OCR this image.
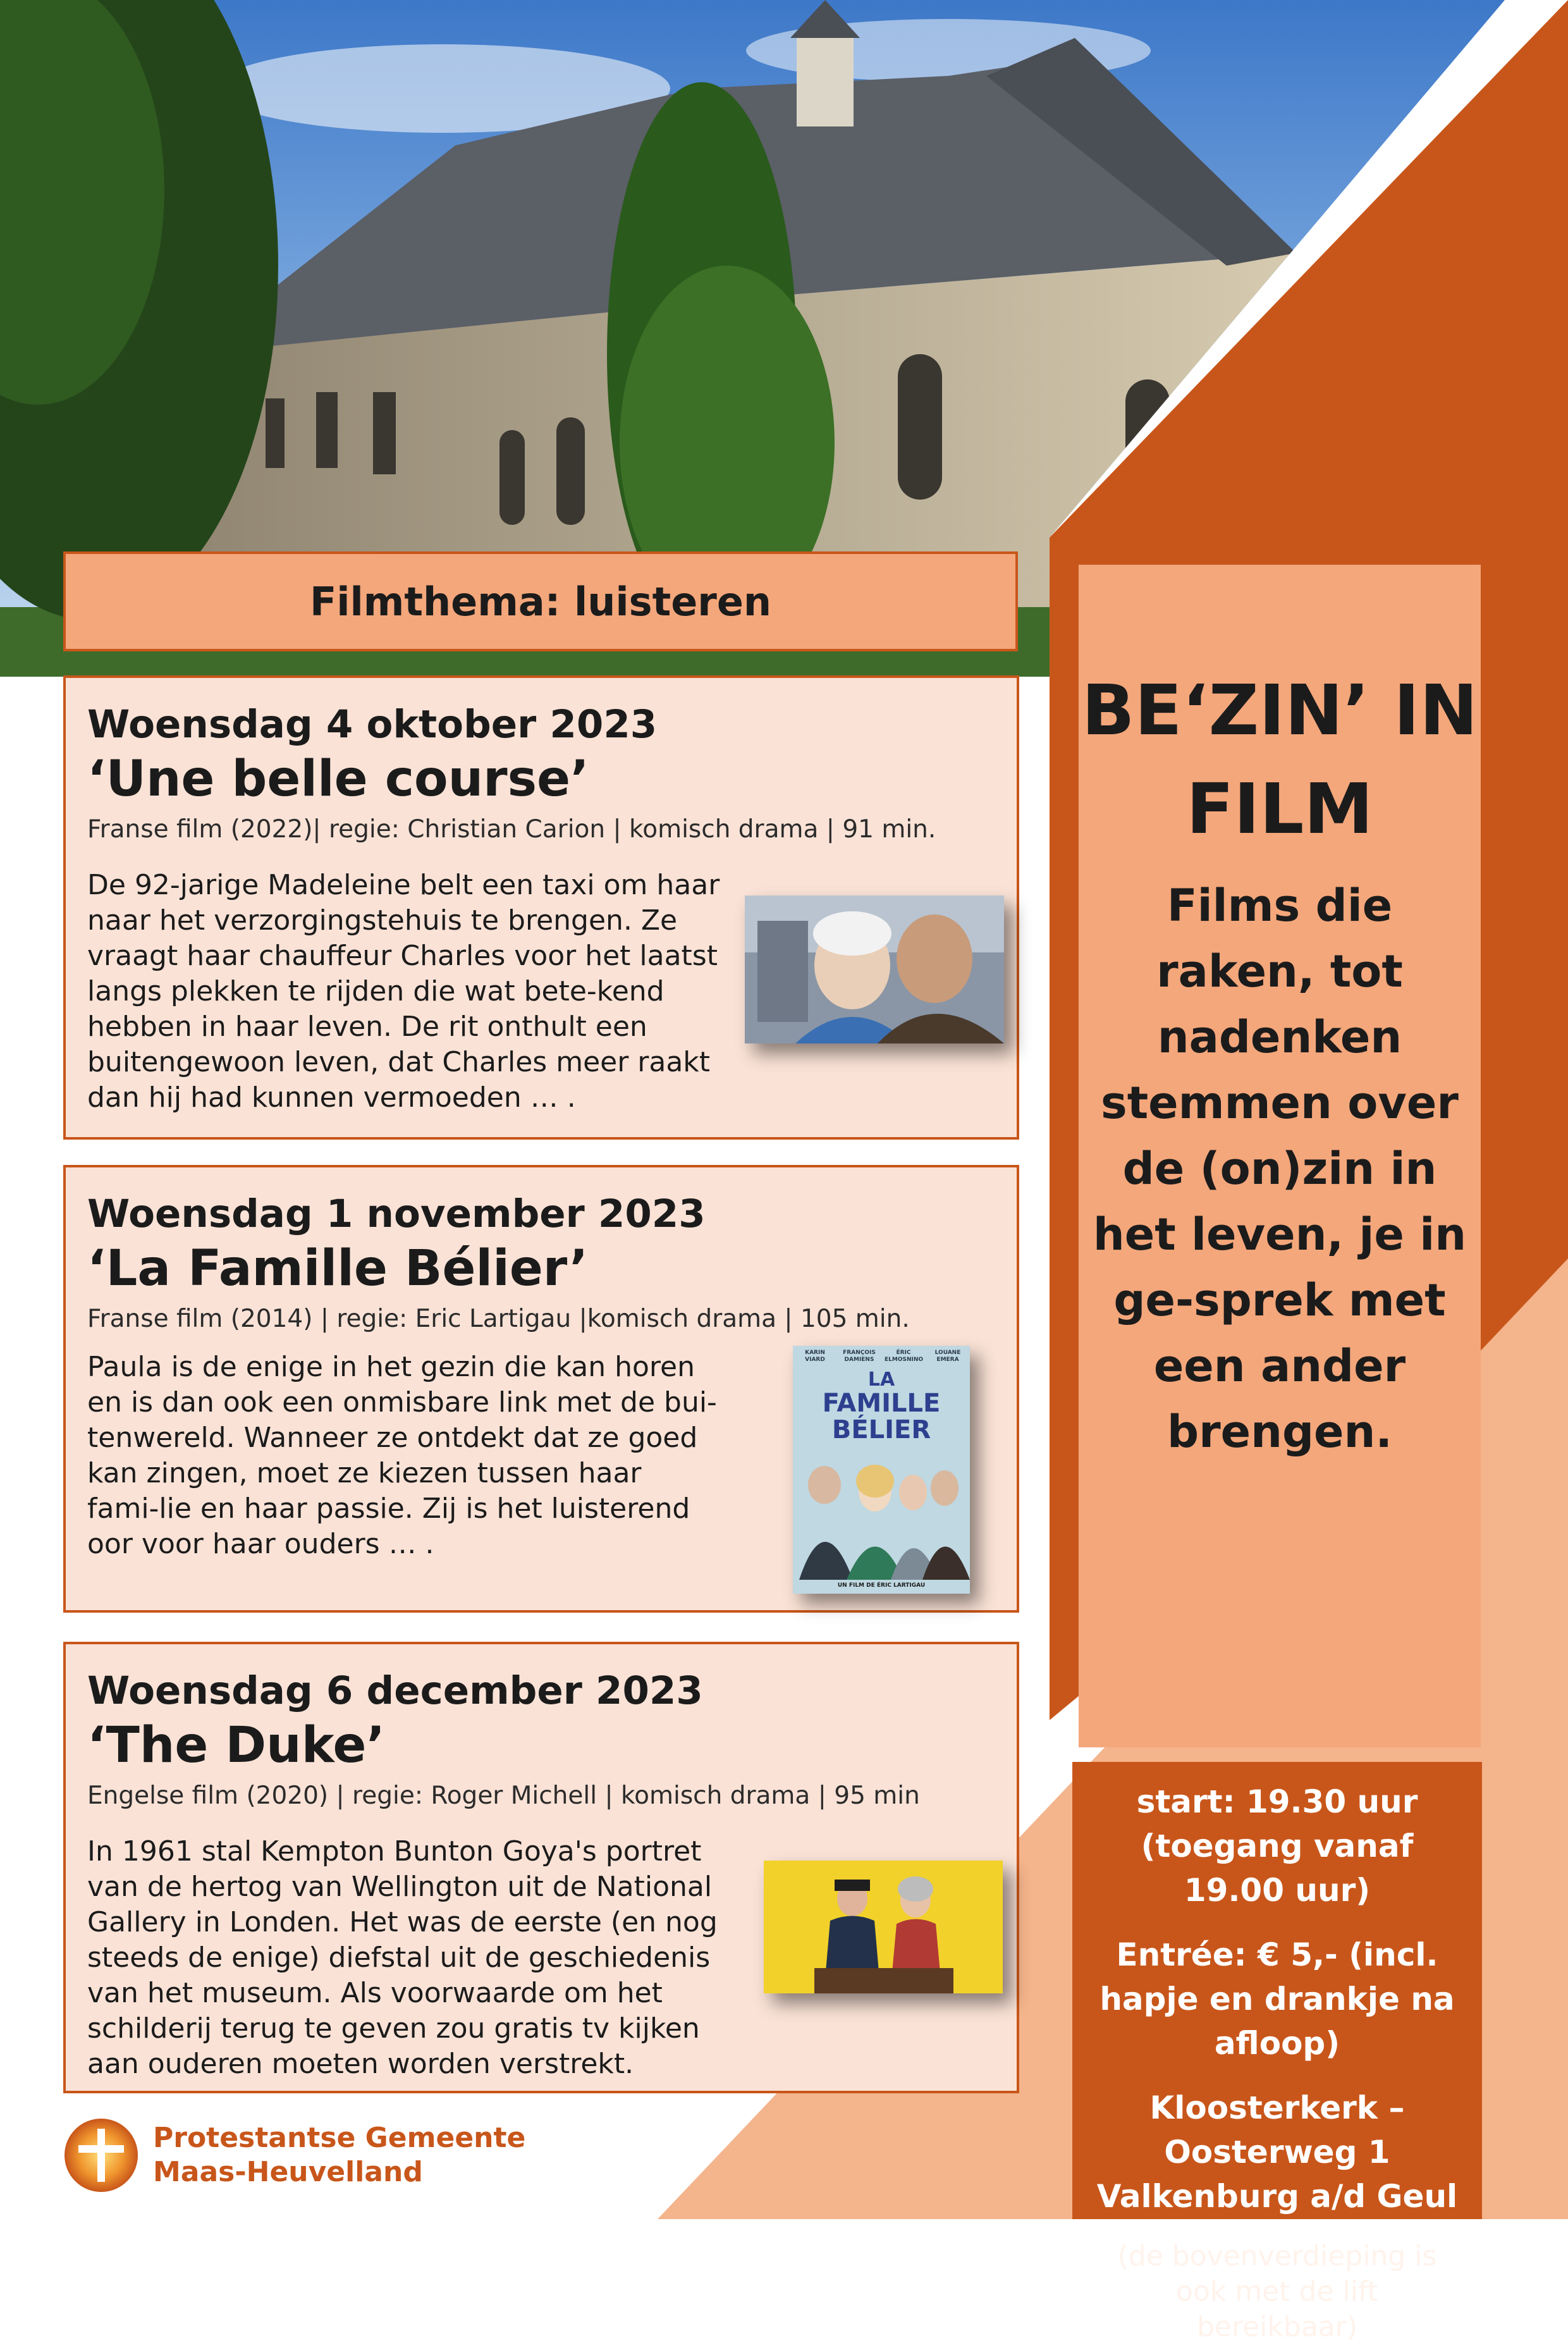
Filmthema: luisteren

Woensdag 4 oktober 2023

‘Une belle course’

Franse film (2022)| regie: Christian Carion | komisch drama | 91 min.

De 92-jarige Madeleine belt een taxi om haar naar het verzorgingstehuis te brengen. Ze vraagt haar chauffeur Charles voor het laatst langs plekken te rijden die wat bete-kend hebben in haar leven. De rit onthult een buitengewoon leven, dat Charles meer raakt dan hij had kunnen vermoeden … .

Woensdag 1 november 2023

‘La Famille Bélier’

Franse film (2014) | regie: Eric Lartigau |komisch drama | 105 min.

Paula is de enige in het gezin die kan horen en is dan ook een onmisbare link met de bui-tenwereld. Wanneer ze ontdekt dat ze goed kan zingen, moet ze kiezen tussen haar fami-lie en haar passie. Zij is het luisterend oor voor haar ouders … .

KARIN VIARD
FRANÇOIS DAMIENS
ÉRIC ELMOSNINO
LOUANE EMERA
LA
FAMILLE
BÉLIER
UN FILM DE ÉRIC LARTIGAU

Woensdag 6 december 2023

‘The Duke’

Engelse film (2020) | regie: Roger Michell | komisch drama | 95 min

In 1961 stal Kempton Bunton Goya's portret van de hertog van Wellington uit de National Gallery in Londen. Het was de eerste (en nog steeds de enige) diefstal uit de geschiedenis van het museum. Als voorwaarde om het schilderij terug te geven zou gratis tv kijken aan ouderen moeten worden verstrekt.

BE‘ZIN’ IN
FILM

Films die raken, tot nadenken stemmen over de (on)zin in het leven, je in ge-sprek met een ander brengen.

start: 19.30 uur (toegang vanaf 19.00 uur)

Entrée: € 5,- (incl. hapje en drankje na afloop)

Kloosterkerk – Oosterweg 1 Valkenburg a/d Geul

(de bovenverdieping is ook met de lift bereikbaar)

Protestantse Gemeente
Maas-Heuvelland
